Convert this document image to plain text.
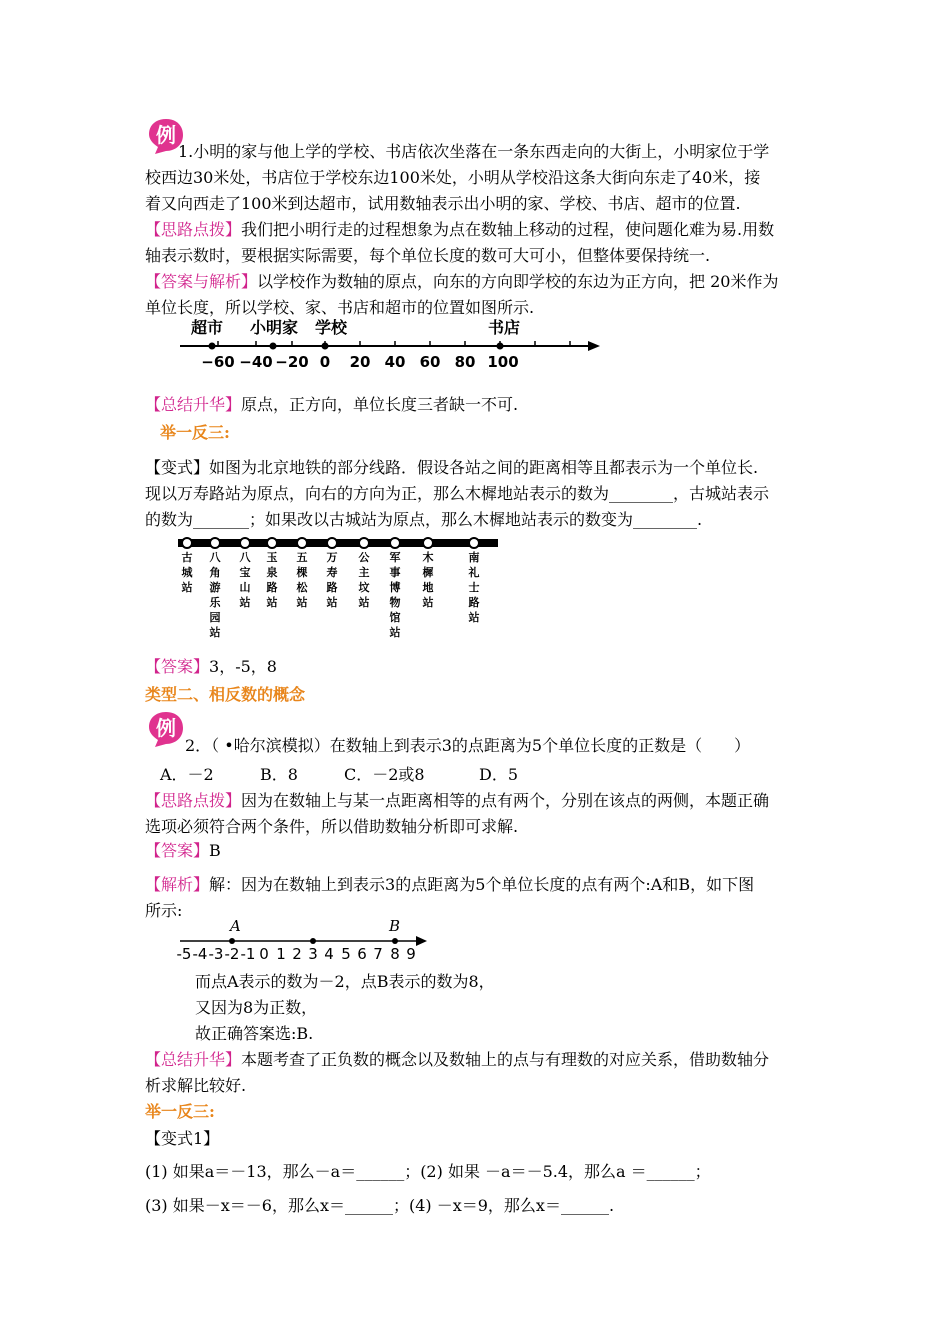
例
1.小明的家与他上学的学校、书店依次坐落在一条东西走向的大街上，小明家位于学
校西边30米处，书店位于学校东边100米处，小明从学校沿这条大街向东走了40米，接
着又向西走了100米到达超市，试用数轴表示出小明的家、学校、书店、超市的位置.
【思路点拨】我们把小明行走的过程想象为点在数轴上移动的过程，使问题化难为易.用数
轴表示数时，要根据实际需要，每个单位长度的数可大可小，但整体要保持统一.
【答案与解析】以学校作为数轴的原点，向东的方向即学校的东边为正方向，把 20米作为
单位长度，所以学校、家、书店和超市的位置如图所示.
超市 小明家 学校	书店
−60 −40 −20 0 20 40 60 80 100
【总结升华】原点，正方向，单位长度三者缺一不可.
举一反三:
【变式】如图为北京地铁的部分线路．假设各站之间的距离相等且都表示为一个单位长.
现以万寿路站为原点，向右的方向为正，那么木樨地站表示的数为________，古城站表示
的数为_______；如果改以古城站为原点，那么木樨地站表示的数变为________.
古城站
八角游乐园站
八宝山站
玉泉路站
五棵松站
万寿路站
公主坟站
军事博物馆站
木樨地站
南礼士路站
【答案】3，-5，8
类型二、相反数的概念
例
2．（ •哈尔滨模拟）在数轴上到表示3的点距离为5个单位长度的正数是（　　）
A．－2	B．8	C．－2或8	D．5
【思路点拨】因为在数轴上与某一点距离相等的点有两个，分别在该点的两侧，本题正确
选项必须符合两个条件，所以借助数轴分析即可求解.
【答案】B
【解析】解：因为在数轴上到表示3的点距离为5个单位长度的点有两个:A和B，如下图
所示:
A	B
-5 -4 -3 -2 -1 0 1 2 3 4 5 6 7 8 9
而点A表示的数为－2，点B表示的数为8，
又因为8为正数，
故正确答案选:B.
【总结升华】本题考查了正负数的概念以及数轴上的点与有理数的对应关系，借助数轴分
析求解比较好.
举一反三:
【变式1】
(1) 如果a＝－13，那么－a＝______；(2) 如果 －a＝－5.4，那么a ＝______；
(3) 如果－x＝－6，那么x＝______；(4) －x＝9，那么x＝______.
